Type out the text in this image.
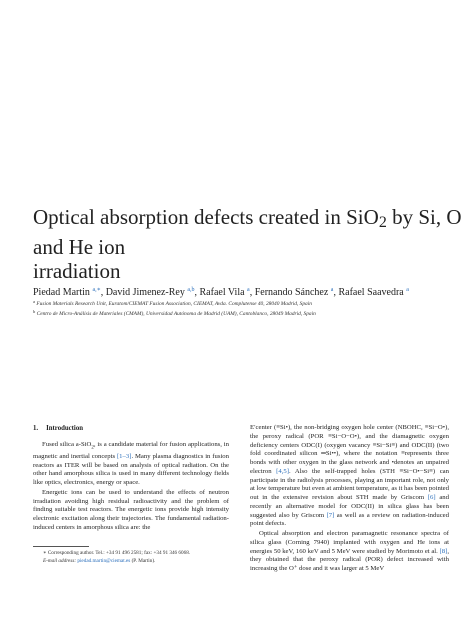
Optical absorption defects created in SiO$_2$ by Si, O
and He ion
irradiation
Piedad Martin $^{a,∗}$, David Jimenez-Rey $^{a,b}$, Rafael Vila $^a$, Fernando Sánchez $^a$, Rafael Saavedra $^a$
$^a$ Fusion Materials Research Unit, Euratom/CIEMAT Fusion Association, CIEMAT, Avda. Complutense 40, 28040 Madrid, Spain
$^b$ Centro de Micro-Análisis de Materiales (CMAM), Universidad Autónoma de Madrid (UAM), Cantoblanco, 28049 Madrid, Spain
1. Introduction

Fused silica a-SiO$_2$, is a candidate material for fusion applications, in magnetic and inertial concepts [1–3]. Many plasma diagnostics in fusion reactors as ITER will be based on analysis of optical radiation. On the other hand amorphous silica is used in many different technology fields like optics, electronics, energy or space.

Energetic ions can be used to understand the effects of neutron irradiation avoiding high residual radioactivity and the problem of finding suitable test reactors. The energetic ions provide high intensity electronic excitation along their trajectories. The fundamental radiation-induced centers in amorphous silica are: the

E′center (≡Si•), the non-bridging oxygen hole center (NBOHC, ≡Si−O•), the peroxy radical (POR ≡Si−O−O•), and the diamagnetic oxygen deficiency centers ODC(I) (oxygen vacancy ≡Si−Si≡) and ODC(II) (two fold coordinated silicon ═Si••), where the notation ≡represents three bonds with other oxygen in the glass network and •denotes an unpaired electron [4,5]. Also the self-trapped holes (STH ≡Si−O•−Si≡) can participate in the radiolysis processes, playing an important role, not only at low temperature but even at ambient temperature, as it has been pointed out in the extensive revision about STH made by Griscom [6] and recently an alternative model for ODC(II) in silica glass has been suggested also by Griscom [7] as well as a review on radiation-induced point defects.

Optical absorption and electron paramagnetic resonance spectra of silica glass (Corning 7940) implanted with oxygen and He ions at energies 50 keV, 160 keV and 5 MeV were studied by Morimoto et al. [8], they obtained that the peroxy radical (POR) defect increased with increasing the O⁺ dose and it was larger at 5 MeV

∗ Corresponding author. Tel.: +34 91 496 2581; fax: +34 91 346 6068.
E-mail address: piedad.martin@ciemat.es (P. Martin).
